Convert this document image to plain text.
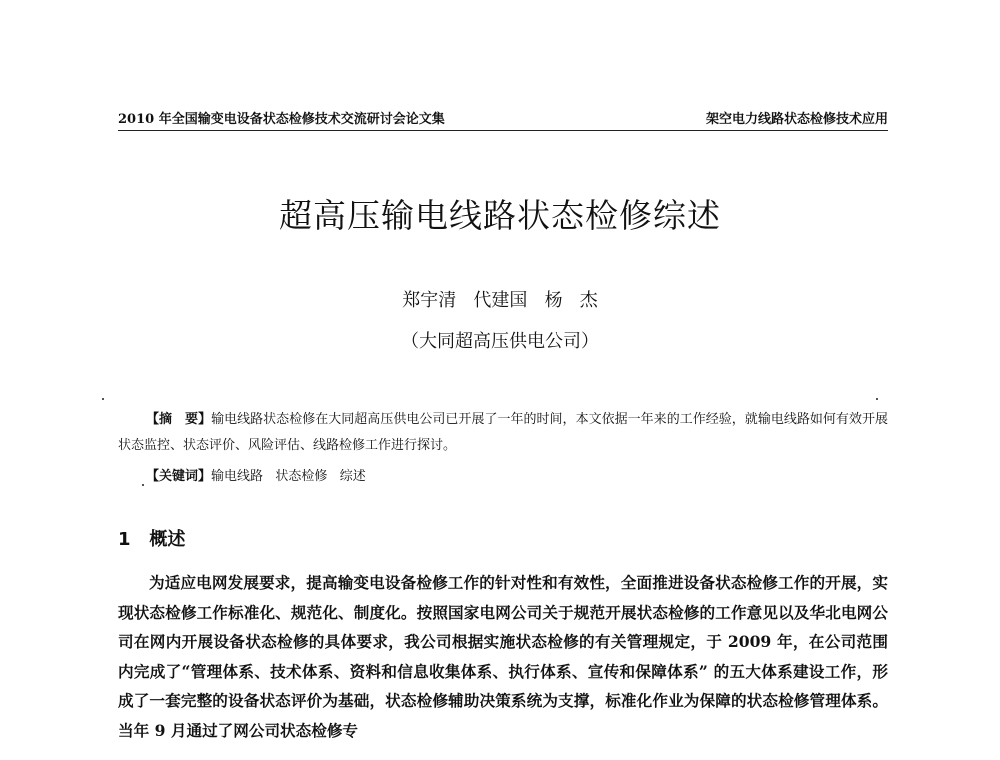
2010 年全国输变电设备状态检修技术交流研讨会论文集	架空电力线路状态检修技术应用
超高压输电线路状态检修综述
郑宇清   代建国   杨   杰
（大同超高压供电公司）

【摘　要】输电线路状态检修在大同超高压供电公司已开展了一年的时间，本文依据一年来的工作经验，就输电线路如何有效开展状态监控、状态评价、风险评估、线路检修工作进行探讨。

【关键词】输电线路   状态检修   综述
1 概述

为适应电网发展要求，提高输变电设备检修工作的针对性和有效性，全面推进设备状态检修工作的开展，实现状态检修工作标准化、规范化、制度化。按照国家电网公司关于规范开展状态检修的工作意见以及华北电网公司在网内开展设备状态检修的具体要求，我公司根据实施状态检修的有关管理规定，于 2009 年，在公司范围内完成了“管理体系、技术体系、资料和信息收集体系、执行体系、宣传和保障体系” 的五大体系建设工作，形成了一套完整的设备状态评价为基础，状态检修辅助决策系统为支撑，标准化作业为保障的状态检修管理体系。当年 9 月通过了网公司状态检修专
